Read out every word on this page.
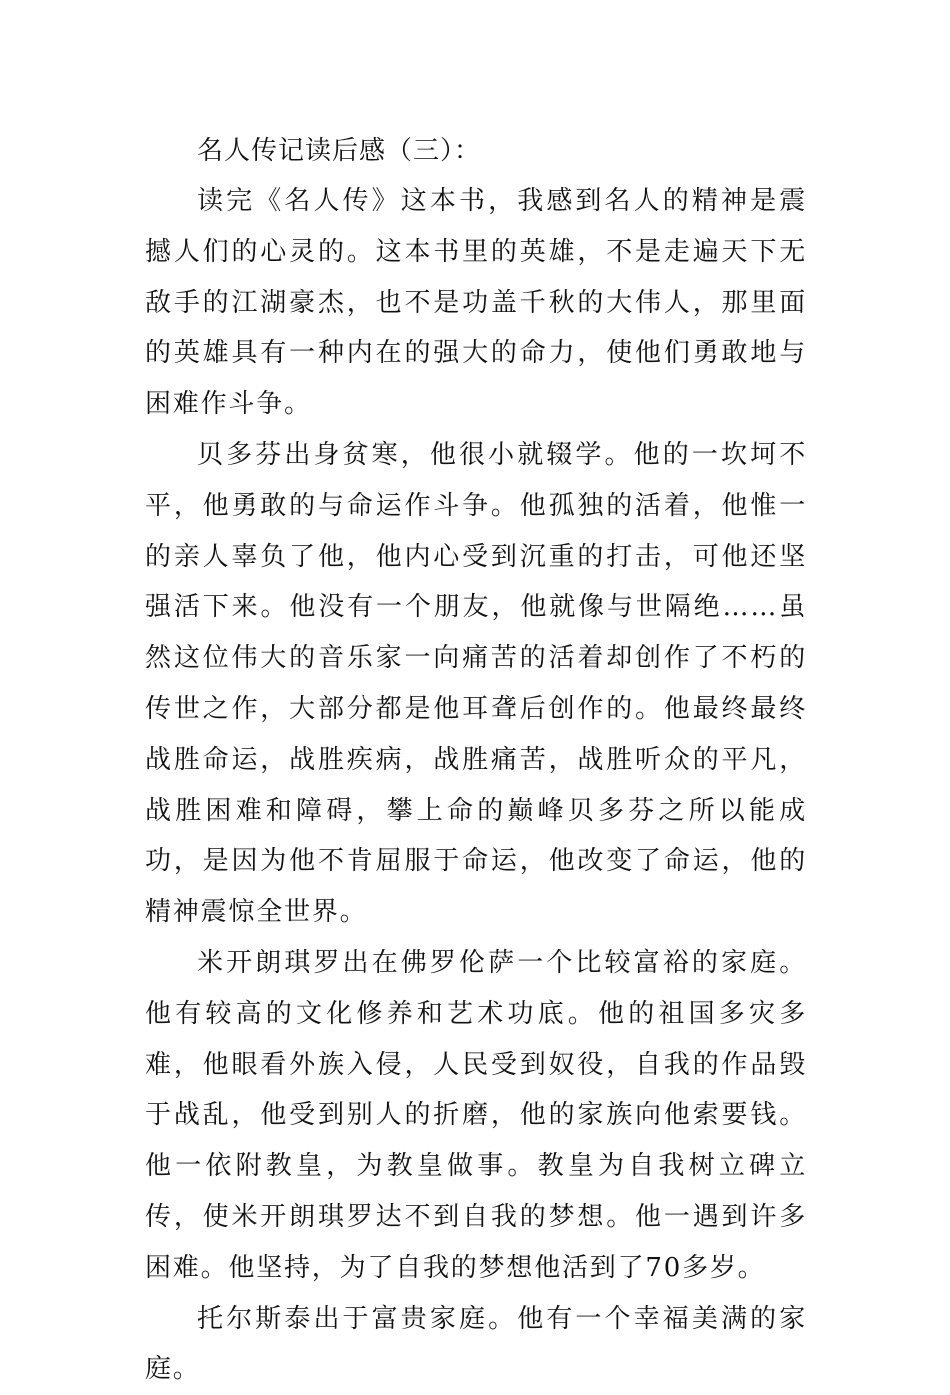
名人传记读后感（三）：

读完《名人传》这本书，我感到名人的精神是震撼人们的心灵的。这本书里的英雄，不是走遍天下无敌手的江湖豪杰，也不是功盖千秋的大伟人，那里面的英雄具有一种内在的强大的命力，使他们勇敢地与困难作斗争。

贝多芬出身贫寒，他很小就辍学。他的一坎坷不平，他勇敢的与命运作斗争。他孤独的活着，他惟一的亲人辜负了他，他内心受到沉重的打击，可他还坚强活下来。他没有一个朋友，他就像与世隔绝……虽然这位伟大的音乐家一向痛苦的活着却创作了不朽的传世之作，大部分都是他耳聋后创作的。他最终最终战胜命运，战胜疾病，战胜痛苦，战胜听众的平凡，战胜困难和障碍，攀上命的巅峰贝多芬之所以能成功，是因为他不肯屈服于命运，他改变了命运，他的精神震惊全世界。

米开朗琪罗出在佛罗伦萨一个比较富裕的家庭。他有较高的文化修养和艺术功底。他的祖国多灾多难，他眼看外族入侵，人民受到奴役，自我的作品毁于战乱，他受到别人的折磨，他的家族向他索要钱。他一依附教皇，为教皇做事。教皇为自我树立碑立传，使米开朗琪罗达不到自我的梦想。他一遇到许多困难。他坚持，为了自我的梦想他活到了70多岁。

托尔斯泰出于富贵家庭。他有一个幸福美满的家庭。
